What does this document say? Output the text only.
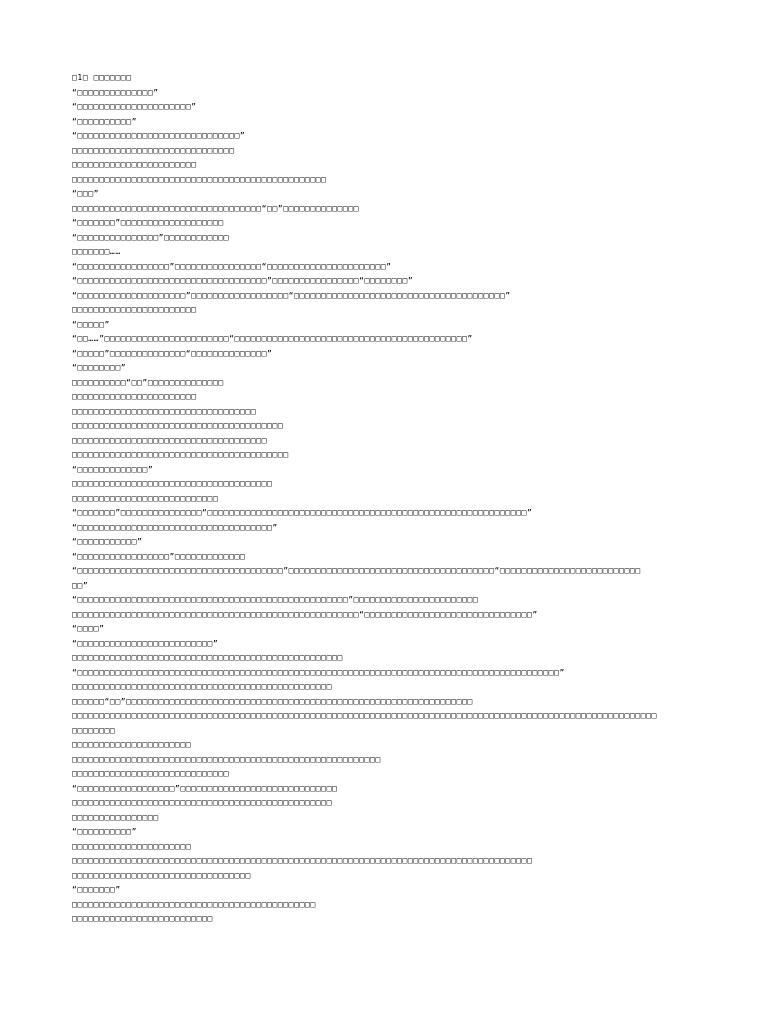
□1□ □□□□□□□
“□□□□□□□□□□□□□□”
“□□□□□□□□□□□□□□□□□□□□□”
“□□□□□□□□□□”
“□□□□□□□□□□□□□□□□□□□□□□□□□□□□□□”
□□□□□□□□□□□□□□□□□□□□□□□□□□□□□□
□□□□□□□□□□□□□□□□□□□□□□□
□□□□□□□□□□□□□□□□□□□□□□□□□□□□□□□□□□□□□□□□□□□□□□□
“□□□”
□□□□□□□□□□□□□□□□□□□□□□□□□□□□□□□□□□□“□□”□□□□□□□□□□□□□□
“□□□□□□□”□□□□□□□□□□□□□□□□□□□
“□□□□□□□□□□□□□□□”□□□□□□□□□□□□
□□□□□□□……
“□□□□□□□□□□□□□□□□□”□□□□□□□□□□□□□□□□“□□□□□□□□□□□□□□□□□□□□□□”
“□□□□□□□□□□□□□□□□□□□□□□□□□□□□□□□□□□□”□□□□□□□□□□□□□□□□“□□□□□□□□”
“□□□□□□□□□□□□□□□□□□□□”□□□□□□□□□□□□□□□□□□“□□□□□□□□□□□□□□□□□□□□□□□□□□□□□□□□□□□□□□□”
□□□□□□□□□□□□□□□□□□□□□□□
“□□□□□”
“□□……”□□□□□□□□□□□□□□□□□□□□□□□“□□□□□□□□□□□□□□□□□□□□□□□□□□□□□□□□□□□□□□□□□□□”
“□□□□□”□□□□□□□□□□□□□□“□□□□□□□□□□□□□□”
“□□□□□□□□”
□□□□□□□□□□“□□”□□□□□□□□□□□□□□
□□□□□□□□□□□□□□□□□□□□□□□
□□□□□□□□□□□□□□□□□□□□□□□□□□□□□□□□□□
□□□□□□□□□□□□□□□□□□□□□□□□□□□□□□□□□□□□□□□
□□□□□□□□□□□□□□□□□□□□□□□□□□□□□□□□□□□□
□□□□□□□□□□□□□□□□□□□□□□□□□□□□□□□□□□□□□□□□
“□□□□□□□□□□□□□”
□□□□□□□□□□□□□□□□□□□□□□□□□□□□□□□□□□□□□
□□□□□□□□□□□□□□□□□□□□□□□□□□□
“□□□□□□□”□□□□□□□□□□□□□□□“□□□□□□□□□□□□□□□□□□□□□□□□□□□□□□□□□□□□□□□□□□□□□□□□□□□□□□□□□□□”
“□□□□□□□□□□□□□□□□□□□□□□□□□□□□□□□□□□□□”
“□□□□□□□□□□□”
“□□□□□□□□□□□□□□□□□”□□□□□□□□□□□□□
“□□□□□□□□□□□□□□□□□□□□□□□□□□□□□□□□□□□□□□”□□□□□□□□□□□□□□□□□□□□□□□□□□□□□□□□□□□□□□“□□□□□□□□□□□□□□□□□□□□□□□□□□
□□”
“□□□□□□□□□□□□□□□□□□□□□□□□□□□□□□□□□□□□□□□□□□□□□□□□□□”□□□□□□□□□□□□□□□□□□□□□□□
□□□□□□□□□□□□□□□□□□□□□□□□□□□□□□□□□□□□□□□□□□□□□□□□□□□□□“□□□□□□□□□□□□□□□□□□□□□□□□□□□□□□□”
“□□□□”
“□□□□□□□□□□□□□□□□□□□□□□□□□”
□□□□□□□□□□□□□□□□□□□□□□□□□□□□□□□□□□□□□□□□□□□□□□□□□□
“□□□□□□□□□□□□□□□□□□□□□□□□□□□□□□□□□□□□□□□□□□□□□□□□□□□□□□□□□□□□□□□□□□□□□□□□□□□□□□□□□□□□□□□□□”
□□□□□□□□□□□□□□□□□□□□□□□□□□□□□□□□□□□□□□□□□□□□□□□□
□□□□□□“□□”□□□□□□□□□□□□□□□□□□□□□□□□□□□□□□□□□□□□□□□□□□□□□□□□□□□□□□□□□□□□□□□□
□□□□□□□□□□□□□□□□□□□□□□□□□□□□□□□□□□□□□□□□□□□□□□□□□□□□□□□□□□□□□□□□□□□□□□□□□□□□□□□□□□□□□□□□□□□□□□□□□□□□□□□□□□□□
□□□□□□□□
□□□□□□□□□□□□□□□□□□□□□□
□□□□□□□□□□□□□□□□□□□□□□□□□□□□□□□□□□□□□□□□□□□□□□□□□□□□□□□□□
□□□□□□□□□□□□□□□□□□□□□□□□□□□□□
“□□□□□□□□□□□□□□□□□□”□□□□□□□□□□□□□□□□□□□□□□□□□□□□□
□□□□□□□□□□□□□□□□□□□□□□□□□□□□□□□□□□□□□□□□□□□□□□□□
□□□□□□□□□□□□□□□□
“□□□□□□□□□□”
□□□□□□□□□□□□□□□□□□□□□□
□□□□□□□□□□□□□□□□□□□□□□□□□□□□□□□□□□□□□□□□□□□□□□□□□□□□□□□□□□□□□□□□□□□□□□□□□□□□□□□□□□□□□
□□□□□□□□□□□□□□□□□□□□□□□□□□□□□□□□□
“□□□□□□□”
□□□□□□□□□□□□□□□□□□□□□□□□□□□□□□□□□□□□□□□□□□□□□
□□□□□□□□□□□□□□□□□□□□□□□□□□
